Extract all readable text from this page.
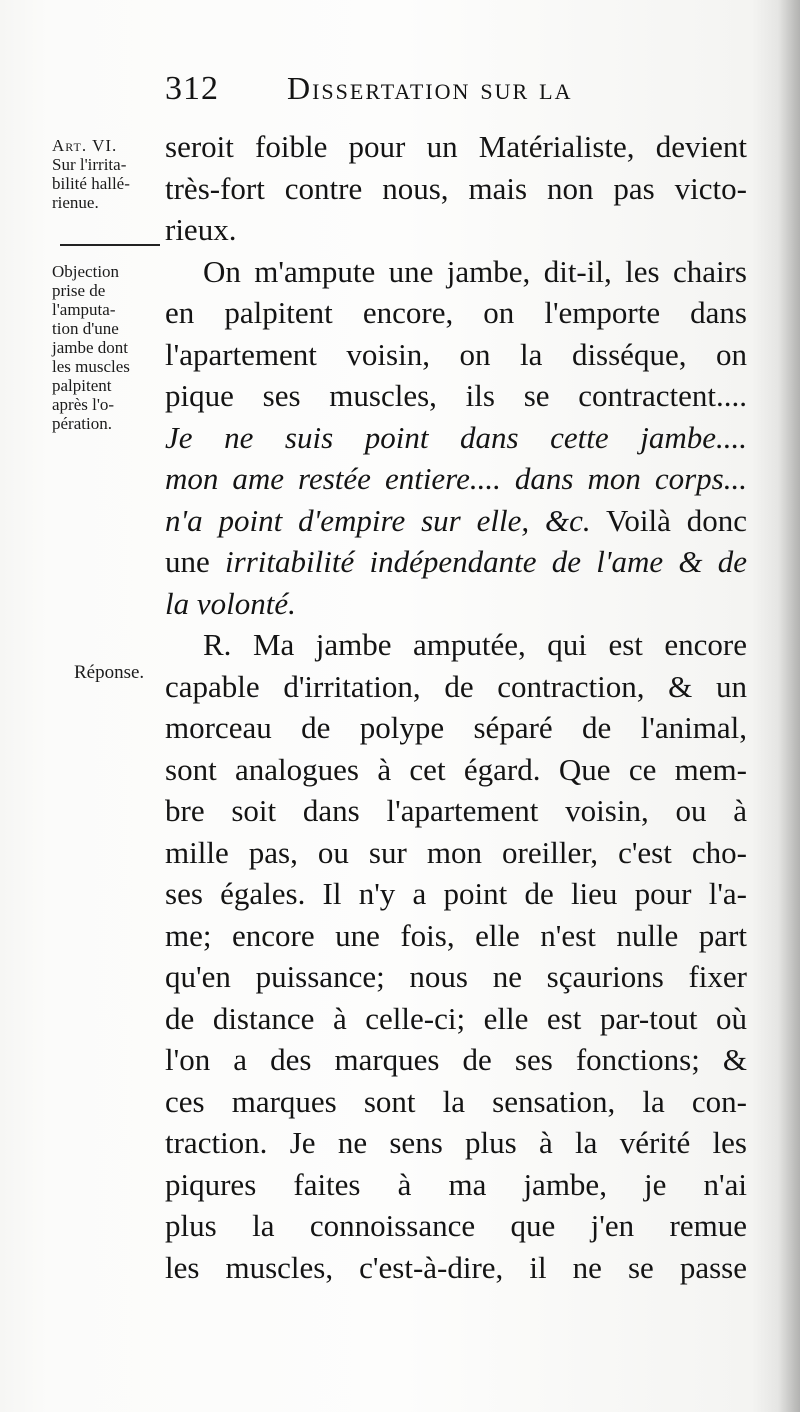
312 Dissertation sur la
Art. VI.
Sur l'irrita-
bilité hallé-
rienue.
Objection
prise de
l'amputa-
tion d'une
jambe dont
les muscles
palpitent
après l'o-
pération.
Réponse.
seroit foible pour un Matérialiste, devient
très-fort contre nous, mais non pas victo-
rieux.
On m'ampute une jambe, dit-il, les chairs
en palpitent encore, on l'emporte dans
l'apartement voisin, on la disséque, on
pique ses muscles, ils se contractent....
Je ne suis point dans cette jambe....
mon ame restée entiere.... dans mon corps...
n'a point d'empire sur elle, &c. Voilà donc
une irritabilité indépendante de l'ame & de
la volonté.
R. Ma jambe amputée, qui est encore
capable d'irritation, de contraction, & un
morceau de polype séparé de l'animal,
sont analogues à cet égard. Que ce mem-
bre soit dans l'apartement voisin, ou à
mille pas, ou sur mon oreiller, c'est cho-
ses égales. Il n'y a point de lieu pour l'a-
me; encore une fois, elle n'est nulle part
qu'en puissance; nous ne sçaurions fixer
de distance à celle-ci; elle est par-tout où
l'on a des marques de ses fonctions; &
ces marques sont la sensation, la con-
traction. Je ne sens plus à la vérité les
piqures faites à ma jambe, je n'ai
plus la connoissance que j'en remue
les muscles, c'est-à-dire, il ne se passe
